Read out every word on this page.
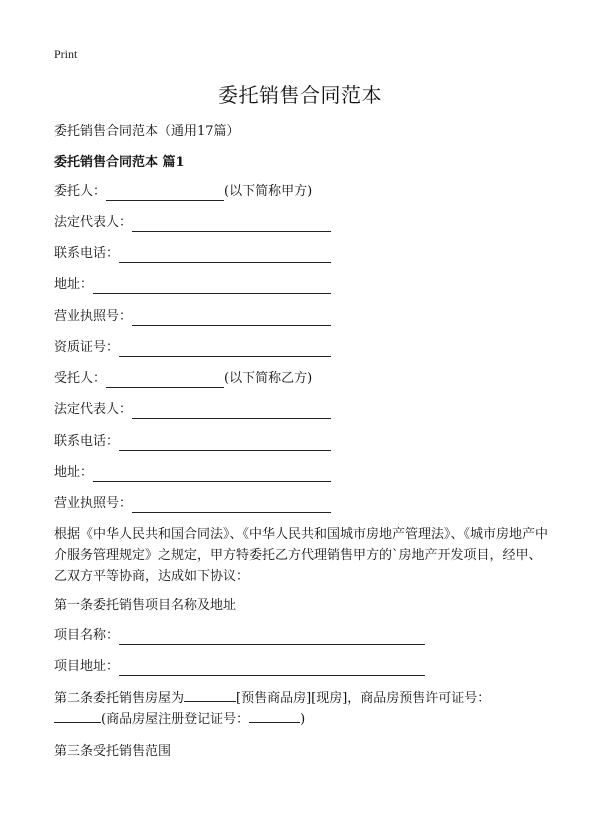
Print
委托销售合同范本
委托销售合同范本（通用17篇）
委托销售合同范本 篇1
委托人：	(以下简称甲方)
法定代表人：
联系电话：
地址：
营业执照号：
资质证号：
受托人：	(以下简称乙方)
法定代表人：
联系电话：
地址：
营业执照号：
根据《中华人民共和国合同法》、《中华人民共和国城市房地产管理法》、《城市房地产中介服务管理规定》之规定，甲方特委托乙方代理销售甲方的`房地产开发项目，经甲、乙双方平等协商，达成如下协议：
第一条委托销售项目名称及地址
项目名称：
项目地址：
第二条委托销售房屋为	[预售商品房][现房]，商品房预售许可证号：
(商品房屋注册登记证号：	)
第三条受托销售范围
